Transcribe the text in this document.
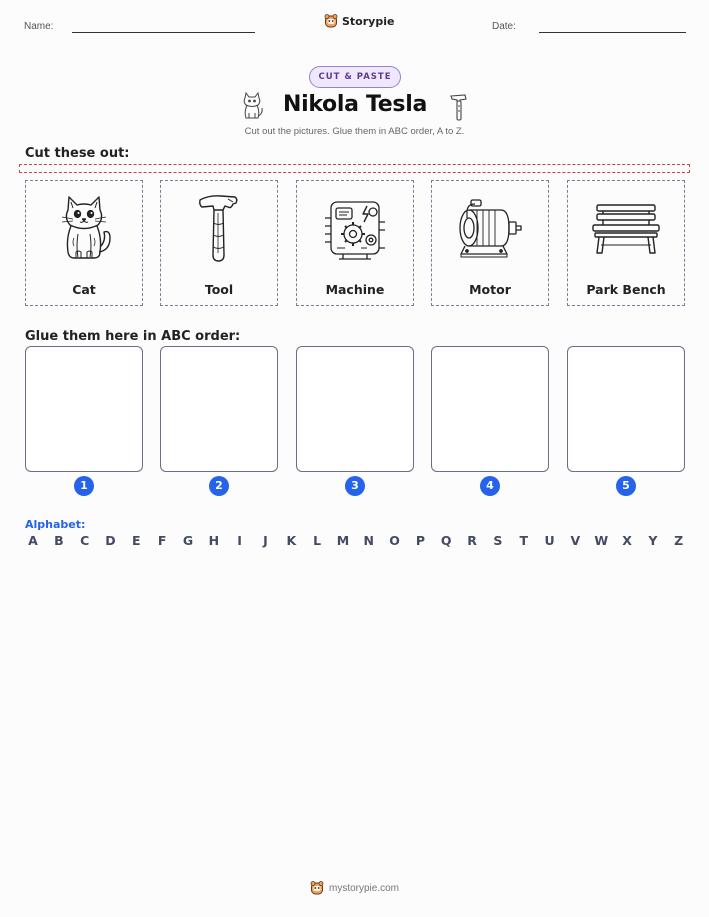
Name:	Storypie	Date:
CUT & PASTE
Nikola Tesla
Cut out the pictures. Glue them in ABC order, A to Z.
Cut these out:
Cat	Tool	Machine	Motor	Park Bench
Glue them here in ABC order:
1	2	3	4	5
Alphabet:
A B C D E F G H	I	J	K L M N O P Q R S T U V W X Y Z
mystorypie.com
